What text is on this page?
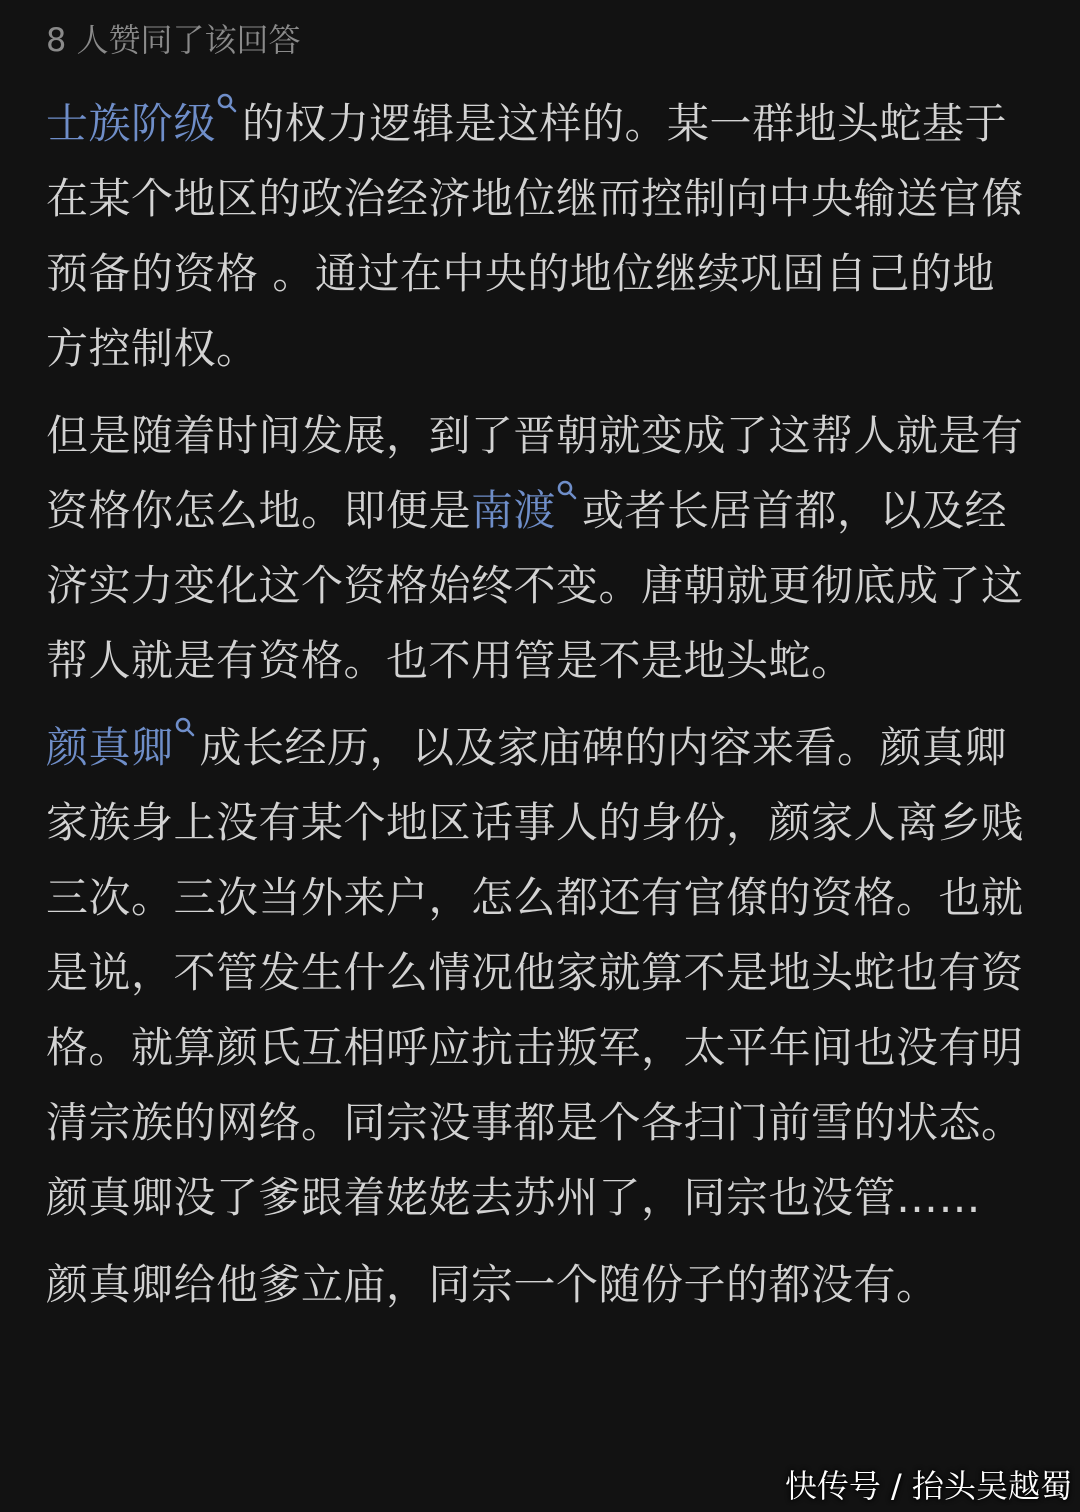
8 人赞同了该回答

士族阶级 的权力逻辑是这样的。某一群地头蛇基于在某个地区的政治经济地位继而控制向中央输送官僚预备的资格 。通过在中央的地位继续巩固自己的地方控制权。

但是随着时间发展，到了晋朝就变成了这帮人就是有资格你怎么地。即便是南渡 或者长居首都，以及经济实力变化这个资格始终不变。唐朝就更彻底成了这帮人就是有资格。也不用管是不是地头蛇。

颜真卿 成长经历，以及家庙碑的内容来看。颜真卿家族身上没有某个地区话事人的身份，颜家人离乡贱三次。三次当外来户，怎么都还有官僚的资格。也就是说，不管发生什么情况他家就算不是地头蛇也有资格。就算颜氏互相呼应抗击叛军，太平年间也没有明清宗族的网络。同宗没事都是个各扫门前雪的状态。颜真卿没了爹跟着姥姥去苏州了，同宗也没管……

颜真卿给他爹立庙，同宗一个随份子的都没有。

快传号 / 抬头吴越蜀
